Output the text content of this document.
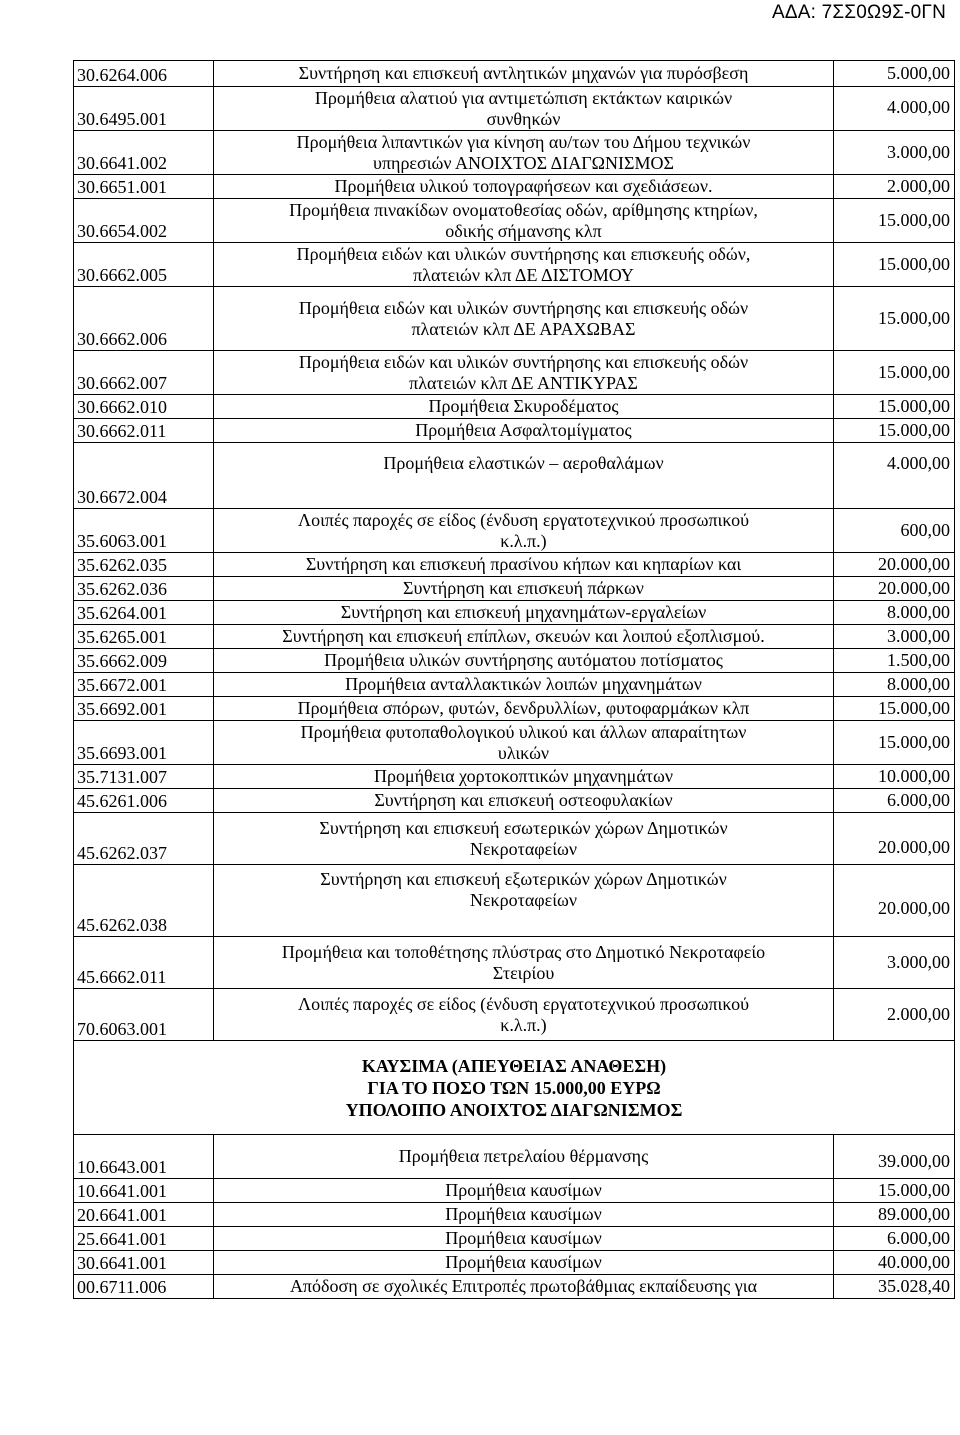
ΑΔΑ: 7ΣΣ0Ω9Σ-0ΓΝ
30.6264.006	Συντήρηση και επισκευή αντλητικών μηχανών για πυρόσβεση	5.000,00
30.6495.001	Προμήθεια αλατιού για αντιμετώπιση εκτάκτων καιρικών
συνθηκών	4.000,00
30.6641.002	Προμήθεια λιπαντικών για κίνηση αυ/των του Δήμου τεχνικών
υπηρεσιών ΑΝΟΙΧΤΟΣ ΔΙΑΓΩΝΙΣΜΟΣ	3.000,00
30.6651.001	Προμήθεια υλικού τοπογραφήσεων και σχεδιάσεων.	2.000,00
30.6654.002	Προμήθεια πινακίδων ονοματοθεσίας οδών, αρίθμησης κτηρίων,
οδικής σήμανσης κλπ	15.000,00
30.6662.005	Προμήθεια ειδών και υλικών συντήρησης και επισκευής οδών,
πλατειών κλπ ΔΕ ΔΙΣΤΟΜΟΥ	15.000,00
30.6662.006	Προμήθεια ειδών και υλικών συντήρησης και επισκευής οδών
πλατειών κλπ ΔΕ ΑΡΑΧΩΒΑΣ	15.000,00
30.6662.007	Προμήθεια ειδών και υλικών συντήρησης και επισκευής οδών
πλατειών κλπ ΔΕ ΑΝΤΙΚΥΡΑΣ	15.000,00
30.6662.010	Προμήθεια Σκυροδέματος	15.000,00
30.6662.011	Προμήθεια Ασφαλτομίγματος	15.000,00
30.6672.004	Προμήθεια ελαστικών – αεροθαλάμων	4.000,00
35.6063.001	Λοιπές παροχές σε είδος (ένδυση εργατοτεχνικού προσωπικού
κ.λ.π.)	600,00
35.6262.035	Συντήρηση και επισκευή πρασίνου κήπων και κηπαρίων και	20.000,00
35.6262.036	Συντήρηση και επισκευή πάρκων	20.000,00
35.6264.001	Συντήρηση και επισκευή μηχανημάτων-εργαλείων	8.000,00
35.6265.001	Συντήρηση και επισκευή επίπλων, σκευών και λοιπού εξοπλισμού.	3.000,00
35.6662.009	Προμήθεια υλικών συντήρησης αυτόματου ποτίσματος	1.500,00
35.6672.001	Προμήθεια ανταλλακτικών λοιπών μηχανημάτων	8.000,00
35.6692.001	Προμήθεια σπόρων, φυτών, δενδρυλλίων, φυτοφαρμάκων κλπ	15.000,00
35.6693.001	Προμήθεια φυτοπαθολογικού υλικού και άλλων απαραίτητων
υλικών	15.000,00
35.7131.007	Προμήθεια χορτοκοπτικών μηχανημάτων	10.000,00
45.6261.006	Συντήρηση και επισκευή οστεοφυλακίων	6.000,00
45.6262.037	Συντήρηση και επισκευή εσωτερικών χώρων Δημοτικών
Νεκροταφείων	20.000,00
45.6262.038	Συντήρηση και επισκευή εξωτερικών χώρων Δημοτικών
Νεκροταφείων	20.000,00
45.6662.011	Προμήθεια και τοποθέτησης πλύστρας στο Δημοτικό Νεκροταφείο
Στειρίου	3.000,00
70.6063.001	Λοιπές παροχές σε είδος (ένδυση εργατοτεχνικού προσωπικού
κ.λ.π.)	2.000,00

ΚΑΥΣΙΜΑ (ΑΠΕΥΘΕΙΑΣ ΑΝΑΘΕΣΗ)
ΓΙΑ ΤΟ ΠΟΣΟ ΤΩΝ 15.000,00 ΕΥΡΩ
ΥΠΟΛΟΙΠΟ ΑΝΟΙΧΤΟΣ ΔΙΑΓΩΝΙΣΜΟΣ		

10.6643.001	Προμήθεια πετρελαίου θέρμανσης	39.000,00
10.6641.001	Προμήθεια καυσίμων	15.000,00
20.6641.001	Προμήθεια καυσίμων	89.000,00
25.6641.001	Προμήθεια καυσίμων	6.000,00
30.6641.001	Προμήθεια καυσίμων	40.000,00
00.6711.006	Απόδοση σε σχολικές Επιτροπές πρωτοβάθμιας εκπαίδευσης για	35.028,40
